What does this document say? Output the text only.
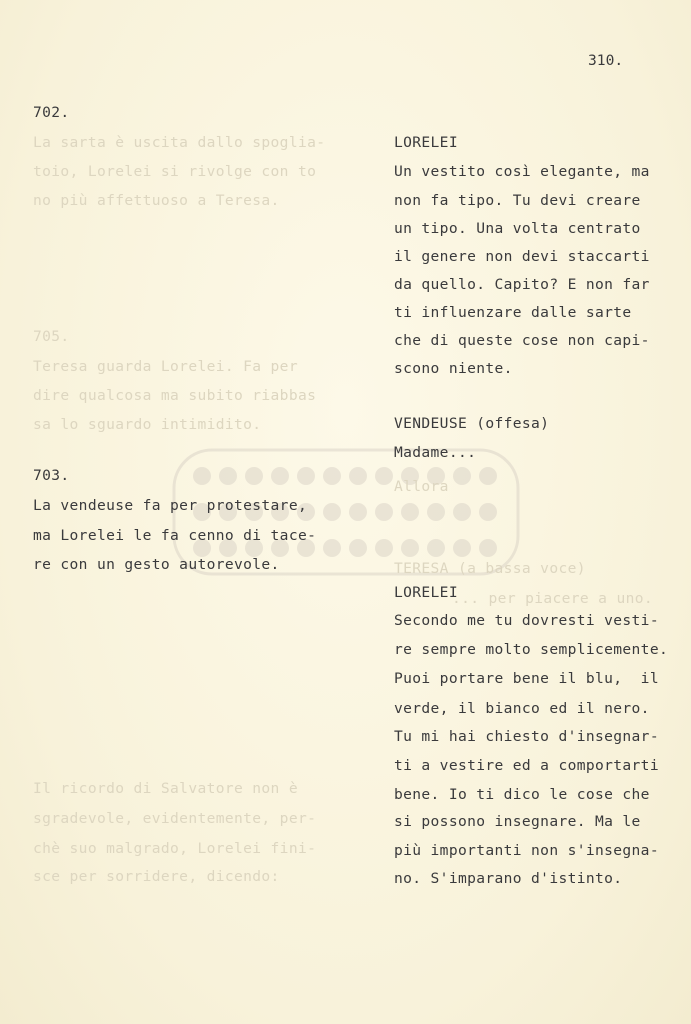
310.
702.
703.
La vendeuse fa per protestare,
ma Lorelei le fa cenno di tace-
re con un gesto autorevole.
La sarta è uscita dallo spoglia-
toio, Lorelei si rivolge con to
no più affettuoso a Teresa.
705.
Teresa guarda Lorelei. Fa per
dire qualcosa ma subito riabbas
sa lo sguardo intimidito.
Il ricordo di Salvatore non è
sgradevole, evidentemente, per-
chè suo malgrado, Lorelei fini-
sce per sorridere, dicendo:
Allora
TERESA (a bassa voce)
... per piacere a uno.
LORELEI
Un vestito così elegante, ma
non fa tipo. Tu devi creare
un tipo. Una volta centrato
il genere non devi staccarti
da quello. Capito? E non far
ti influenzare dalle sarte
che di queste cose non capi-
scono niente.
VENDEUSE (offesa)
Madame...
LORELEI
Secondo me tu dovresti vesti-
re sempre molto semplicemente.
Puoi portare bene il blu,  il
verde, il bianco ed il nero.
Tu mi hai chiesto d'insegnar-
ti a vestire ed a comportarti
bene. Io ti dico le cose che
si possono insegnare. Ma le
più importanti non s'insegna-
no. S'imparano d'istinto.
